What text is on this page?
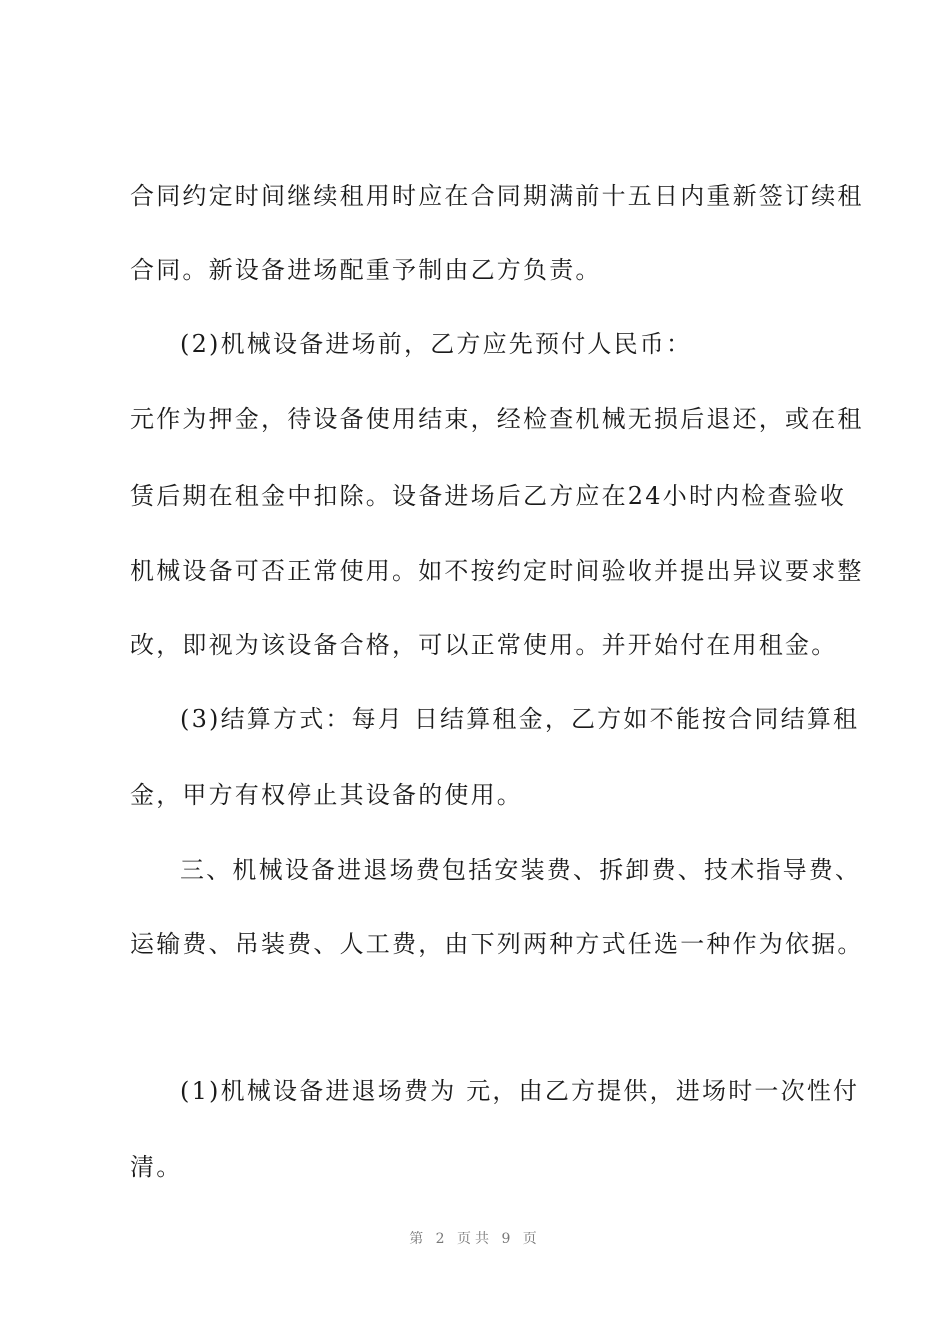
合同约定时间继续租用时应在合同期满前十五日内重新签订续租
合同。新设备进场配重予制由乙方负责。
(2)机械设备进场前，乙方应先预付人民币：
元作为押金，待设备使用结束，经检查机械无损后退还，或在租
赁后期在租金中扣除。设备进场后乙方应在24小时内检查验收
机械设备可否正常使用。如不按约定时间验收并提出异议要求整
改，即视为该设备合格，可以正常使用。并开始付在用租金。
(3)结算方式：每月 日结算租金，乙方如不能按合同结算租
金，甲方有权停止其设备的使用。
三、机械设备进退场费包括安装费、拆卸费、技术指导费、
运输费、吊装费、人工费，由下列两种方式任选一种作为依据。
(1)机械设备进退场费为 元，由乙方提供，进场时一次性付
清。
第 2 页共 9 页
